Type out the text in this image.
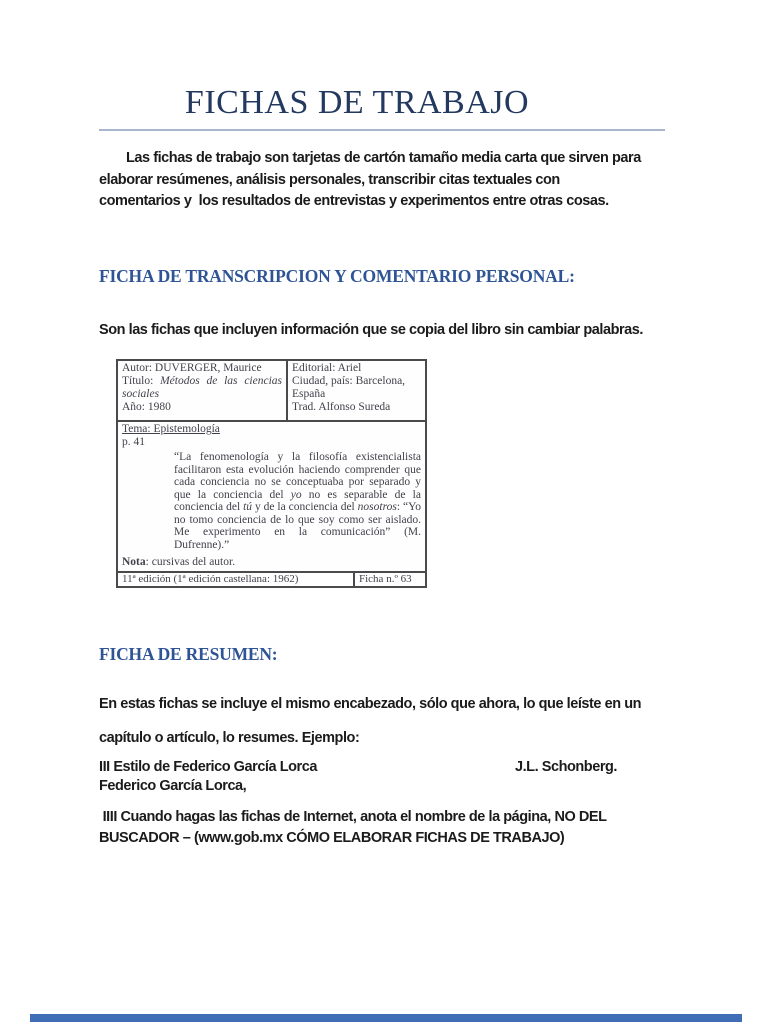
FICHAS DE TRABAJO
Las fichas de trabajo son tarjetas de cartón tamaño media carta que sirven para
elaborar resúmenes, análisis personales, transcribir citas textuales con
comentarios y  los resultados de entrevistas y experimentos entre otras cosas.
FICHA DE TRANSCRIPCION Y COMENTARIO PERSONAL:
Son las fichas que incluyen información que se copia del libro sin cambiar palabras.
Autor: DUVERGER, Maurice
Título: Métodos de las ciencias sociales
Año: 1980
Editorial: Ariel
Ciudad, país: Barcelona, España
Trad. Alfonso Sureda
Tema: Epistemología
p. 41
“La fenomenología y la filosofía existencialista facilitaron esta evolución haciendo comprender que cada conciencia no se conceptuaba por separado y que la conciencia del yo no es separable de la conciencia del tú y de la conciencia del nosotros: “Yo no tomo conciencia de lo que soy como ser aislado. Me experimento en la comunicación” (M. Dufrenne).”
Nota: cursivas del autor.
11ª edición (1ª edición castellana: 1962)	Ficha n.º 63
FICHA DE RESUMEN:
En estas fichas se incluye el mismo encabezado, sólo que ahora, lo que leíste en un
capítulo o artículo, lo resumes. Ejemplo:
III Estilo de Federico García Lorca	J.L. Schonberg.
Federico García Lorca,
IIII Cuando hagas las fichas de Internet, anota el nombre de la página, NO DEL
BUSCADOR – (www.gob.mx CÓMO ELABORAR FICHAS DE TRABAJO)
